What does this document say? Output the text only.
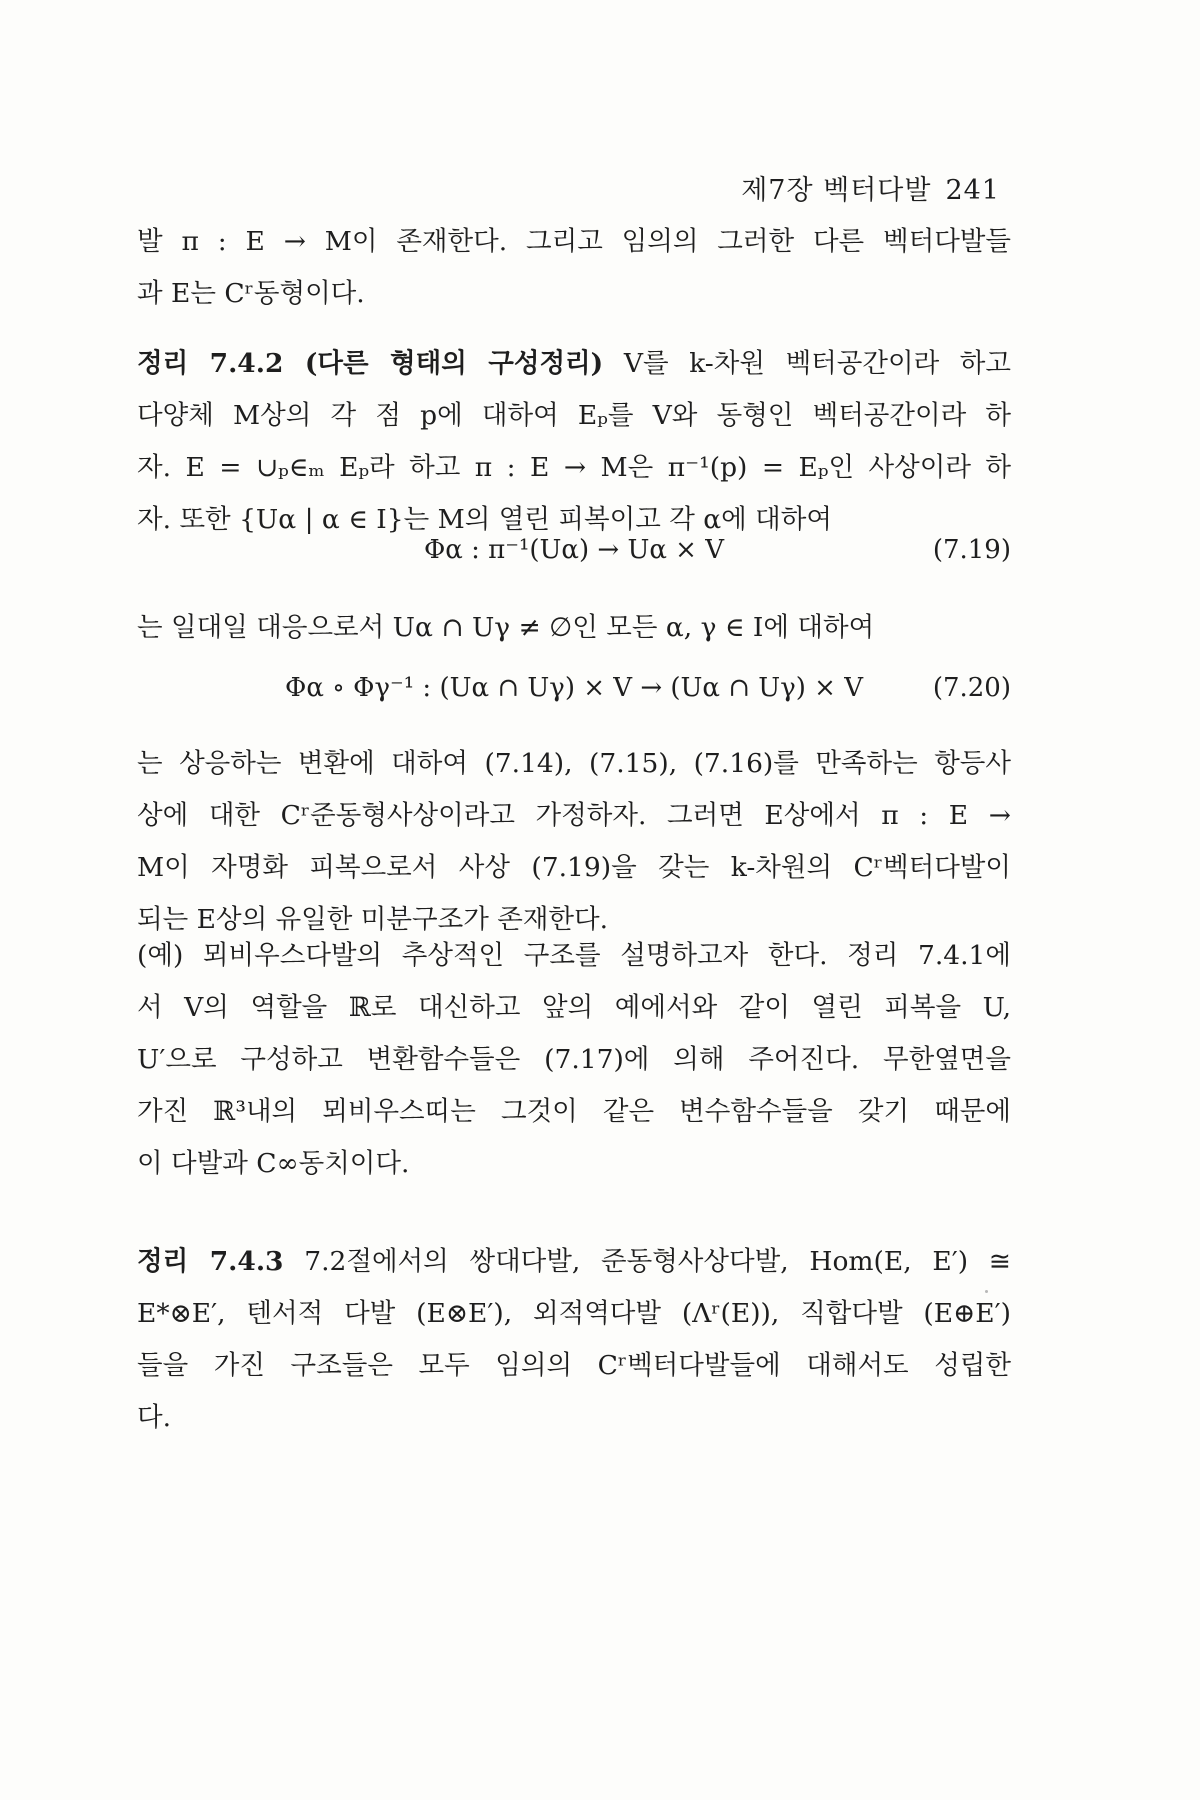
제7장 벡터다발 241
발 π : E → M이 존재한다. 그리고 임의의 그러한 다른 벡터다발들
과 E는 Cʳ동형이다.
정리 7.4.2 (다른 형태의 구성정리) V를 k-차원 벡터공간이라 하고
다양체 M상의 각 점 p에 대하여 Eₚ를 V와 동형인 벡터공간이라 하
자. E = ∪ₚ∈ₘ Eₚ라 하고 π : E → M은 π⁻¹(p) = Eₚ인 사상이라 하
자. 또한 {Uα | α ∈ I}는 M의 열린 피복이고 각 α에 대하여
Φα : π⁻¹(Uα) → Uα × V	(7.19)
는 일대일 대응으로서 Uα ∩ Uγ ≠ ∅인 모든 α, γ ∈ I에 대하여
Φα ∘ Φγ⁻¹ : (Uα ∩ Uγ) × V → (Uα ∩ Uγ) × V	(7.20)
는 상응하는 변환에 대하여 (7.14), (7.15), (7.16)를 만족하는 항등사
상에 대한 Cʳ준동형사상이라고 가정하자. 그러면 E상에서 π : E →
M이 자명화 피복으로서 사상 (7.19)을 갖는 k-차원의 Cʳ벡터다발이
되는 E상의 유일한 미분구조가 존재한다.
(예) 뫼비우스다발의 추상적인 구조를 설명하고자 한다. 정리 7.4.1에
서 V의 역할을 ℝ로 대신하고 앞의 예에서와 같이 열린 피복을 U,
U′으로 구성하고 변환함수들은 (7.17)에 의해 주어진다. 무한옆면을
가진 ℝ³내의 뫼비우스띠는 그것이 같은 변수함수들을 갖기 때문에
이 다발과 C∞동치이다.
정리 7.4.3 7.2절에서의 쌍대다발, 준동형사상다발, Hom(E, E′) ≅
E*⊗E′, 텐서적 다발 (E⊗E′), 외적역다발 (Λʳ(E)), 직합다발 (E⊕E′)
들을 가진 구조들은 모두 임의의 Cʳ벡터다발들에 대해서도 성립한
다.
